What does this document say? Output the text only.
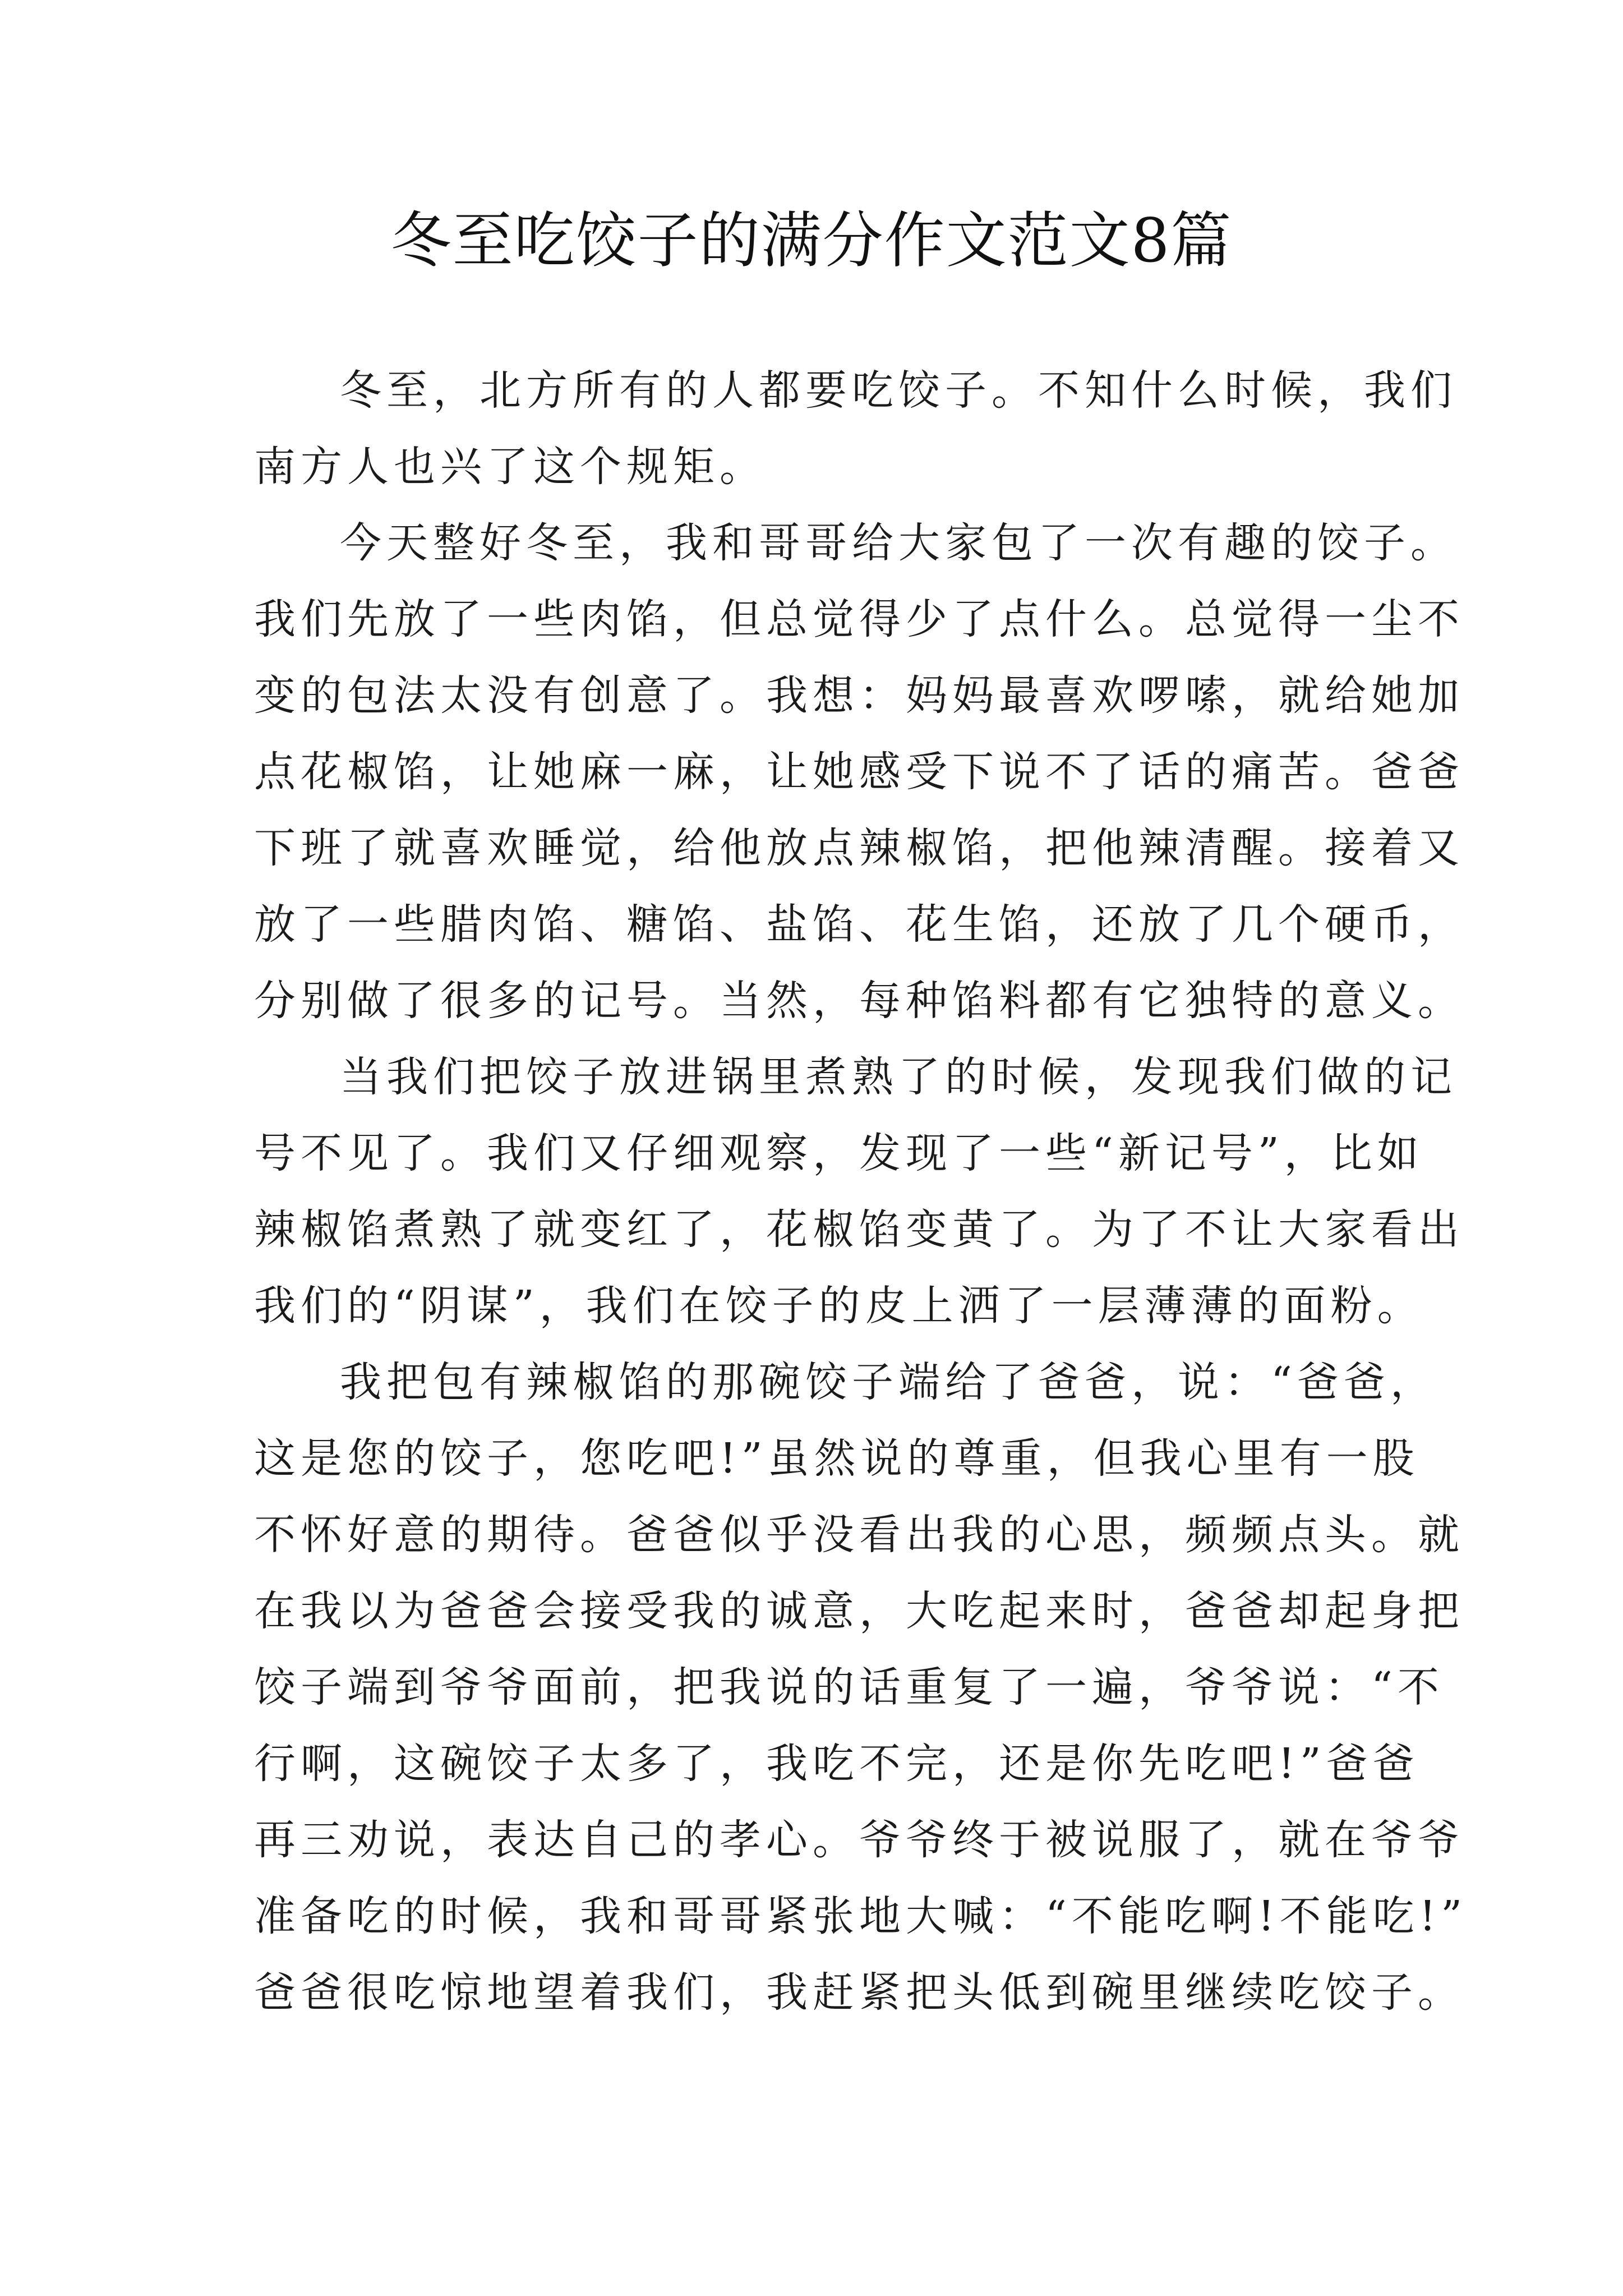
冬至吃饺子的满分作文范文8篇
冬至，北方所有的人都要吃饺子。不知什么时候，我们
南方人也兴了这个规矩。
今天整好冬至，我和哥哥给大家包了一次有趣的饺子。
我们先放了一些肉馅，但总觉得少了点什么。总觉得一尘不
变的包法太没有创意了。我想：妈妈最喜欢啰嗦，就给她加
点花椒馅，让她麻一麻，让她感受下说不了话的痛苦。爸爸
下班了就喜欢睡觉，给他放点辣椒馅，把他辣清醒。接着又
放了一些腊肉馅、糖馅、盐馅、花生馅，还放了几个硬币，
分别做了很多的记号。当然，每种馅料都有它独特的意义。
当我们把饺子放进锅里煮熟了的时候，发现我们做的记
号不见了。我们又仔细观察，发现了一些“新记号”，比如
辣椒馅煮熟了就变红了，花椒馅变黄了。为了不让大家看出
我们的“阴谋”，我们在饺子的皮上洒了一层薄薄的面粉。
我把包有辣椒馅的那碗饺子端给了爸爸，说：“爸爸，
这是您的饺子，您吃吧!”虽然说的尊重，但我心里有一股
不怀好意的期待。爸爸似乎没看出我的心思，频频点头。就
在我以为爸爸会接受我的诚意，大吃起来时，爸爸却起身把
饺子端到爷爷面前，把我说的话重复了一遍，爷爷说：“不
行啊，这碗饺子太多了，我吃不完，还是你先吃吧!”爸爸
再三劝说，表达自己的孝心。爷爷终于被说服了，就在爷爷
准备吃的时候，我和哥哥紧张地大喊：“不能吃啊!不能吃!”
爸爸很吃惊地望着我们，我赶紧把头低到碗里继续吃饺子。
